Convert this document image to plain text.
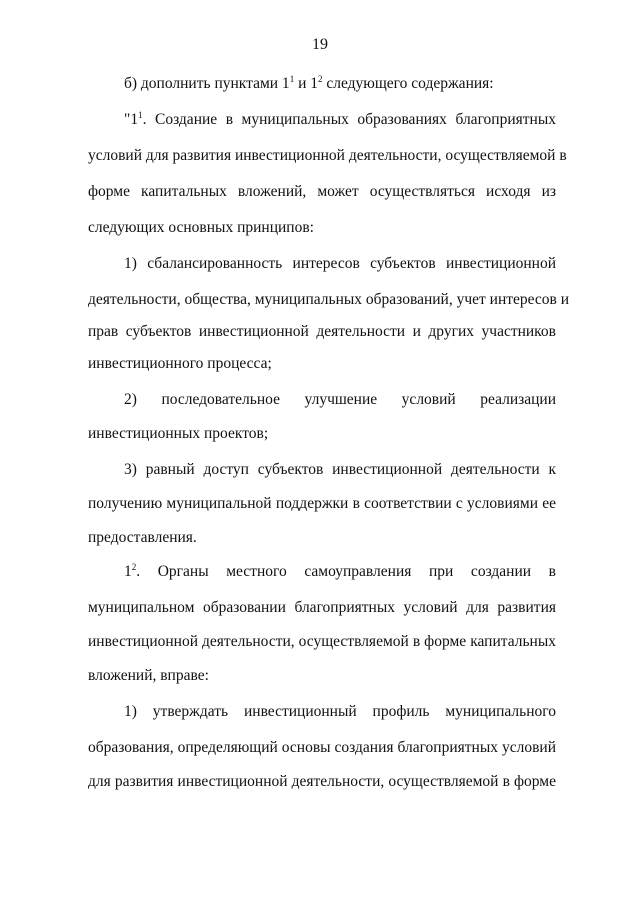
19
б) дополнить пунктами $1^1$ и $1^2$ следующего содержания:
"$1^1$. Создание в муниципальных образованиях благоприятных
условий для развития инвестиционной деятельности, осуществляемой в
форме капитальных вложений, может осуществляться исходя из
следующих основных принципов:
1) сбалансированность интересов субъектов инвестиционной
деятельности, общества, муниципальных образований, учет интересов и
прав субъектов инвестиционной деятельности и других участников
инвестиционного процесса;
2) последовательное улучшение условий реализации
инвестиционных проектов;
3) равный доступ субъектов инвестиционной деятельности к
получению муниципальной поддержки в соответствии с условиями ее
предоставления.
$1^2$. Органы местного самоуправления при создании в
муниципальном образовании благоприятных условий для развития
инвестиционной деятельности, осуществляемой в форме капитальных
вложений, вправе:
1) утверждать инвестиционный профиль муниципального
образования, определяющий основы создания благоприятных условий
для развития инвестиционной деятельности, осуществляемой в форме
